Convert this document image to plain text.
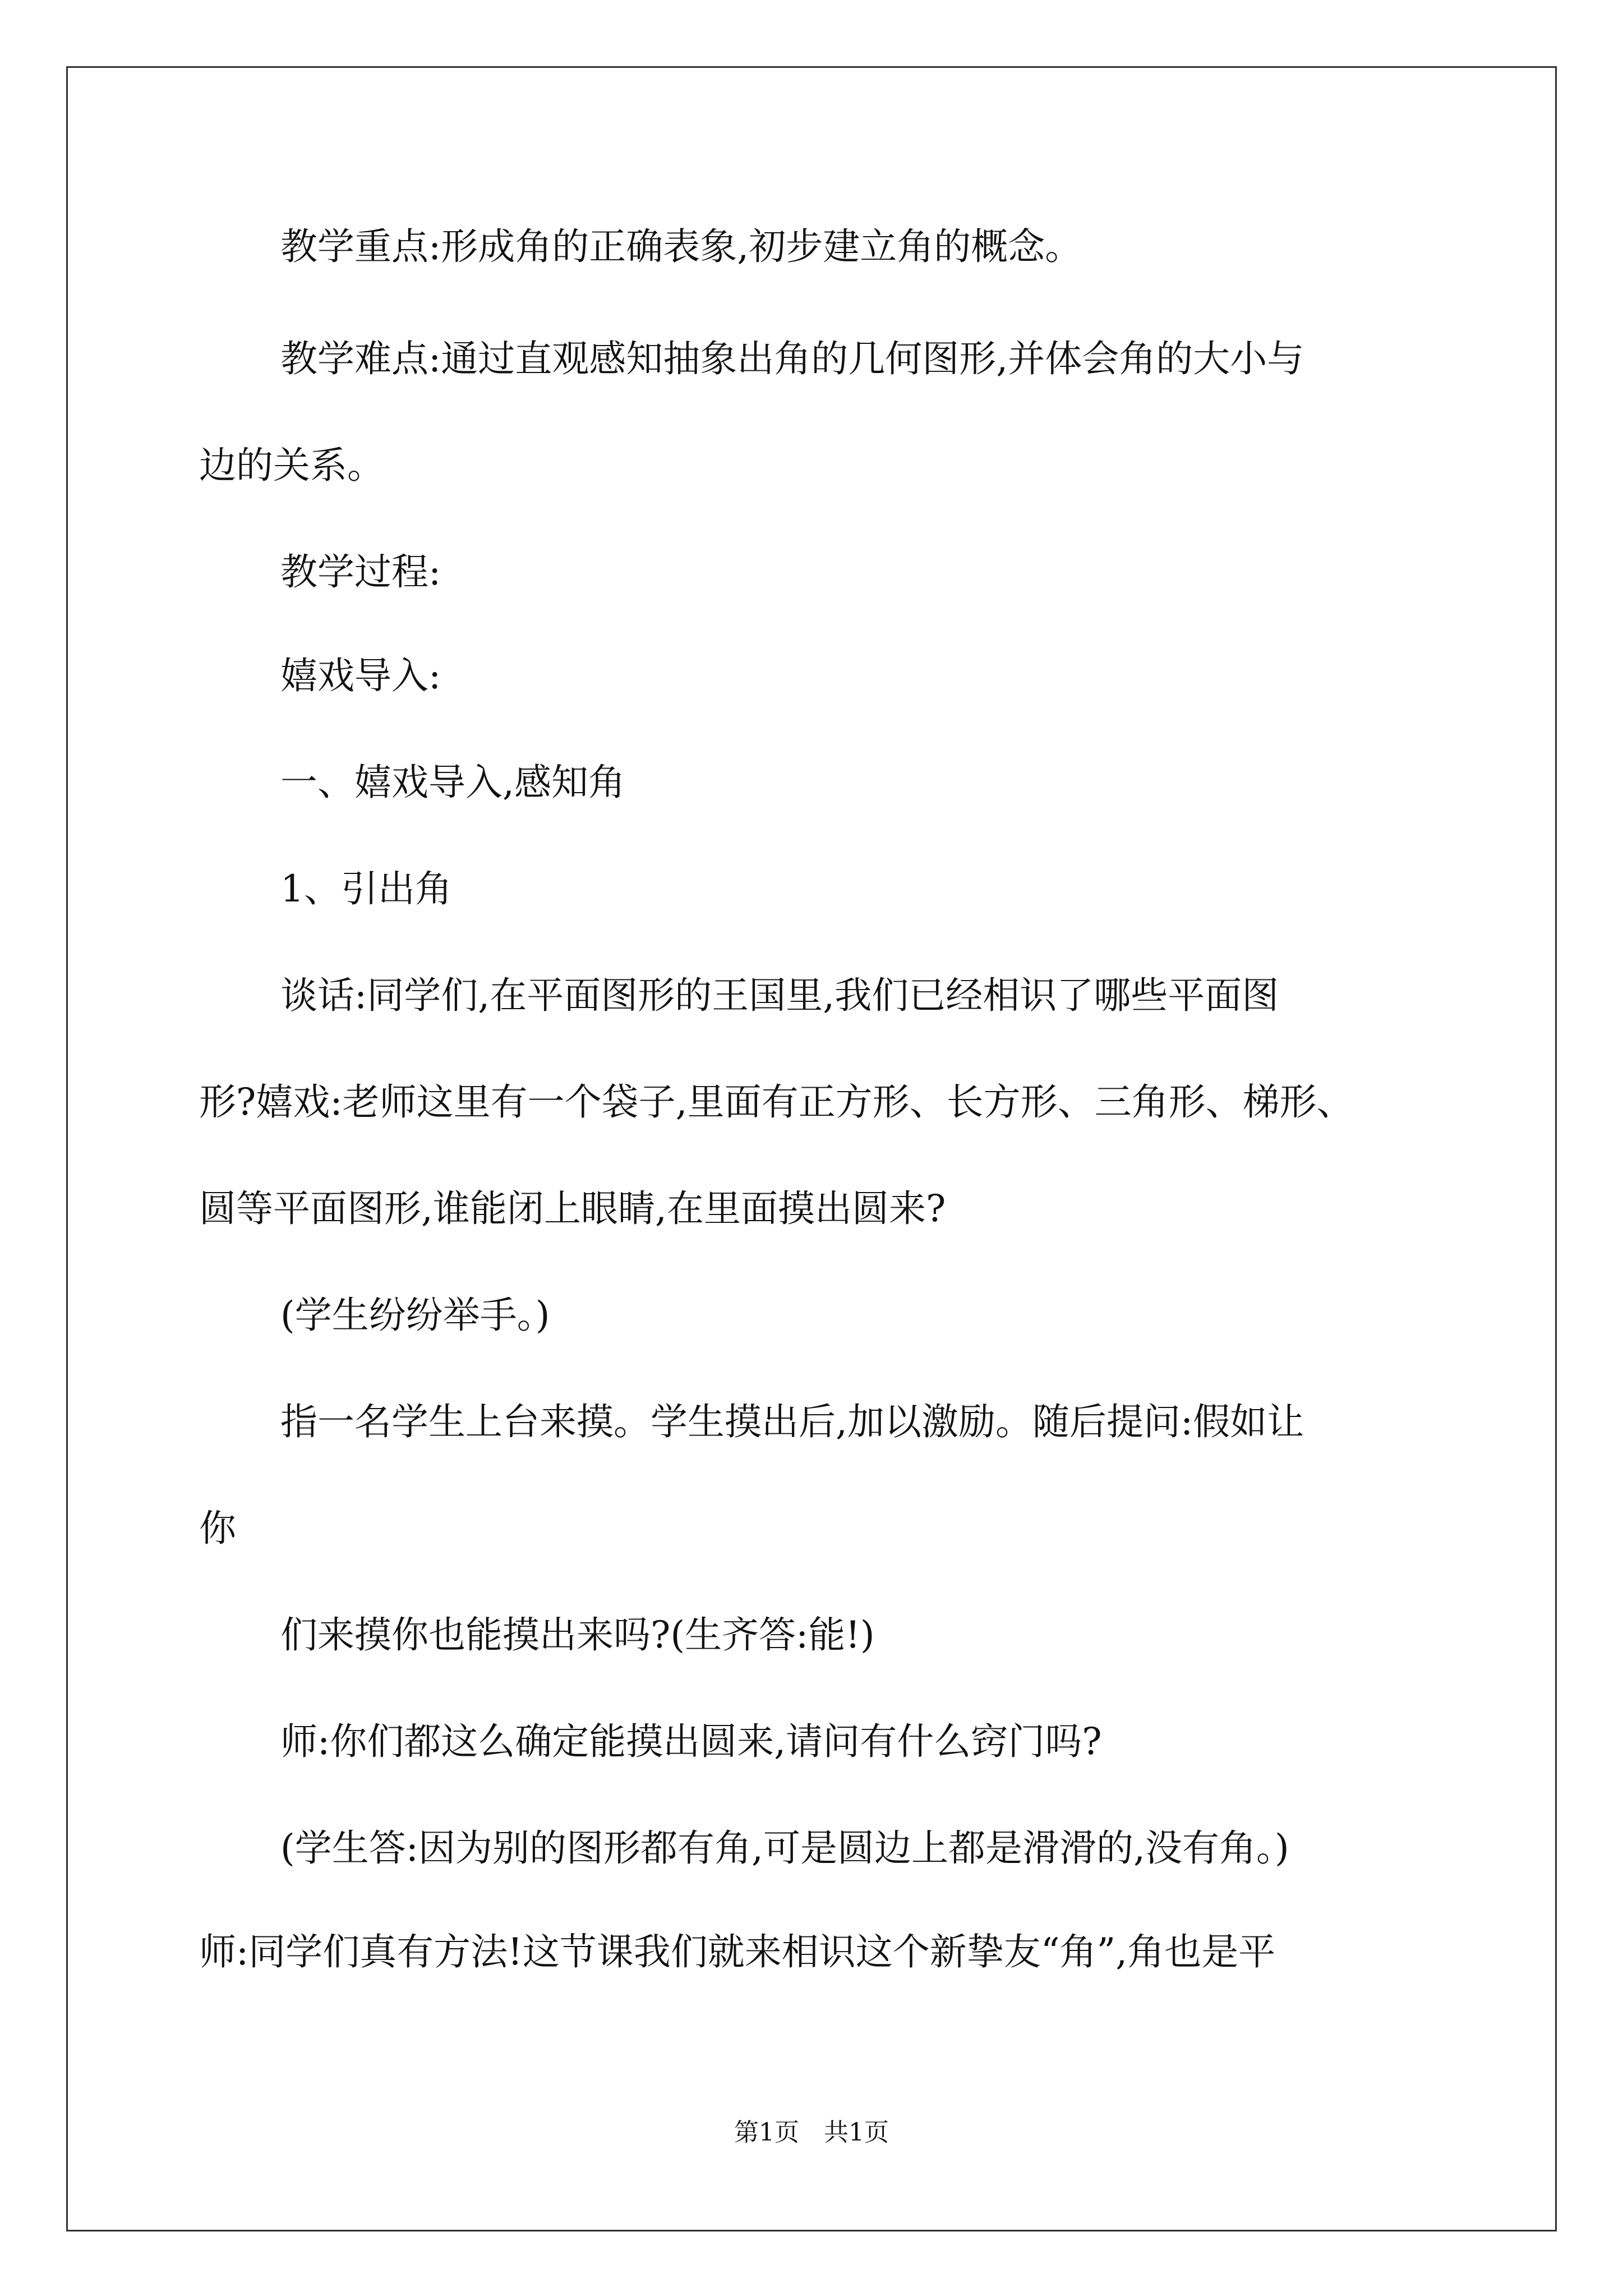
教学重点:形成角的正确表象,初步建立角的概念。
教学难点:通过直观感知抽象出角的几何图形,并体会角的大小与
边的关系。
教学过程:
嬉戏导入:
一、嬉戏导入,感知角
1、引出角
谈话:同学们,在平面图形的王国里,我们已经相识了哪些平面图
形?嬉戏:老师这里有一个袋子,里面有正方形、长方形、三角形、梯形、
圆等平面图形,谁能闭上眼睛,在里面摸出圆来?
(学生纷纷举手。)
指一名学生上台来摸。学生摸出后,加以激励。随后提问:假如让
你
们来摸你也能摸出来吗?(生齐答:能!)
师:你们都这么确定能摸出圆来,请问有什么窍门吗?
(学生答:因为别的图形都有角,可是圆边上都是滑滑的,没有角。)
师:同学们真有方法!这节课我们就来相识这个新挚友“角”,角也是平
第1页　共1页
